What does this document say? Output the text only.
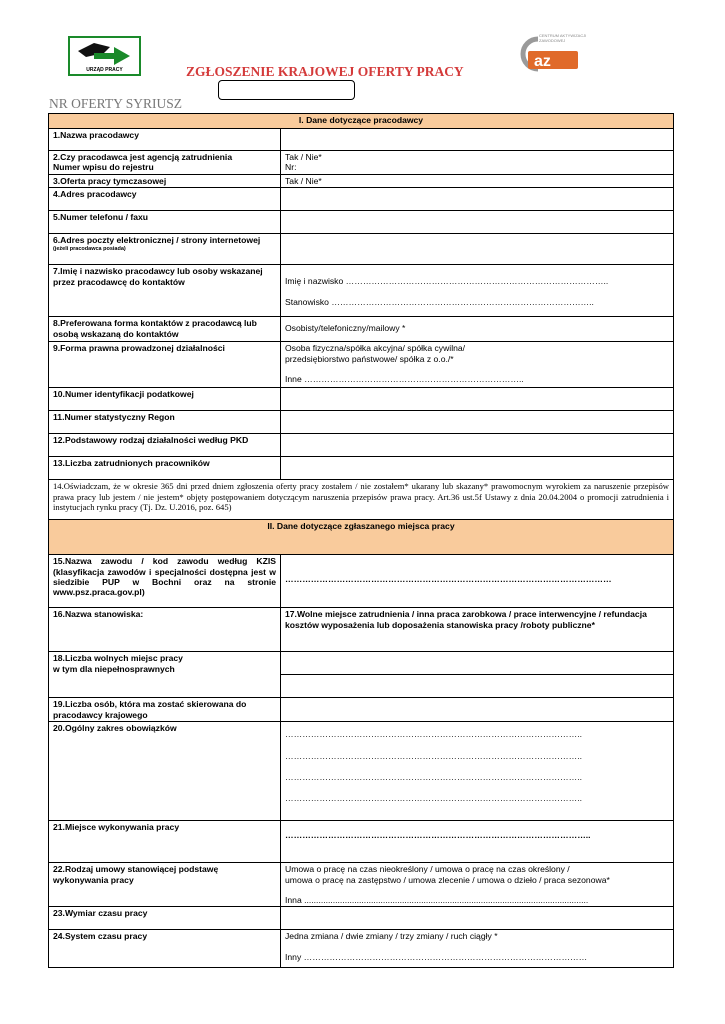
URZĄD PRACY
CENTRUM AKTYWIZACJI ZAWODOWEJ
az
ZGŁOSZENIE KRAJOWEJ OFERTY PRACY
NR OFERTY SYRIUSZ
I. Dane dotyczące pracodawcy	
1.Nazwa pracodawcy	
2.Czy pracodawca jest agencją zatrudnienia
Numer wpisu do rejestru	Tak / Nie*
Nr:
3.Oferta pracy tymczasowej	Tak / Nie*
4.Adres pracodawcy	
5.Numer telefonu / faxu	
6.Adres poczty elektronicznej / strony internetowej
(jeżeli pracodawca posiada)	

7.Imię i nazwisko pracodawcy lub osoby wskazanej przez pracodawcę do kontaktów	Imię i nazwisko ………………………………………………………………………………..
Stanowisko ………………………………………………………………………………..

8.Preferowana forma kontaktów z pracodawcą lub osobą wskazaną do kontaktów	Osobisty/telefoniczny/mailowy *

9.Forma prawna prowadzonej działalności	Osoba fizyczna/spółka akcyjna/ spółka cywilna/
przedsiębiorstwo państwowe/ spółka z o.o./*
Inne …………………………………………………………………..

10.Numer identyfikacji podatkowej	
11.Numer statystyczny Regon	
12.Podstawowy rodzaj działalności według PKD	
13.Liczba zatrudnionych pracowników	
14.Oświadczam, że w okresie 365 dni przed dniem zgłoszenia oferty pracy zostałem / nie zostałem* ukarany lub skazany* prawomocnym wyrokiem za naruszenie przepisów prawa pracy lub jestem / nie jestem* objęty postępowaniem dotyczącym naruszenia przepisów prawa pracy. Art.36 ust.5f Ustawy z dnia 20.04.2004 o promocji zatrudnienia i instytucjach rynku pracy (Tj. Dz. U.2016, poz. 645)	
II. Dane dotyczące zgłaszanego miejsca pracy	
15.Nazwa zawodu / kod zawodu według KZIS (klasyfikacja zawodów i specjalności dostępna jest w siedzibie PUP w Bochni oraz na stronie www.psz.praca.gov.pl)	……………………………………………………………………………………………………

16.Nazwa stanowiska:	17.Wolne miejsce zatrudnienia / inna praca zarobkowa / prace interwencyjne / refundacja kosztów wyposażenia lub doposażenia stanowiska pracy /roboty publiczne*
18.Liczba wolnych miejsc pracy
w tym dla niepełnosprawnych	

19.Liczba osób, która ma zostać skierowana do pracodawcy krajowego	
20.Ogólny zakres obowiązków	…………………………………………………………………………………………..
…………………………………………………………………………………………..
…………………………………………………………………………………………..
…………………………………………………………………………………………..

21.Miejsce wykonywania pracy	……………………………………………………………………………………………..

22.Rodzaj umowy stanowiącej podstawę wykonywania pracy	Umowa o pracę na czas nieokreślony / umowa o pracę na czas określony /
umowa o pracę na zastępstwo / umowa zlecenie / umowa o dzieło / praca sezonowa*
Inna .......................................................................................................................

23.Wymiar czasu pracy	
24.System czasu pracy	Jedna zmiana / dwie zmiany / trzy zmiany / ruch ciągły *
Inny ………………………………………………………………………………………
